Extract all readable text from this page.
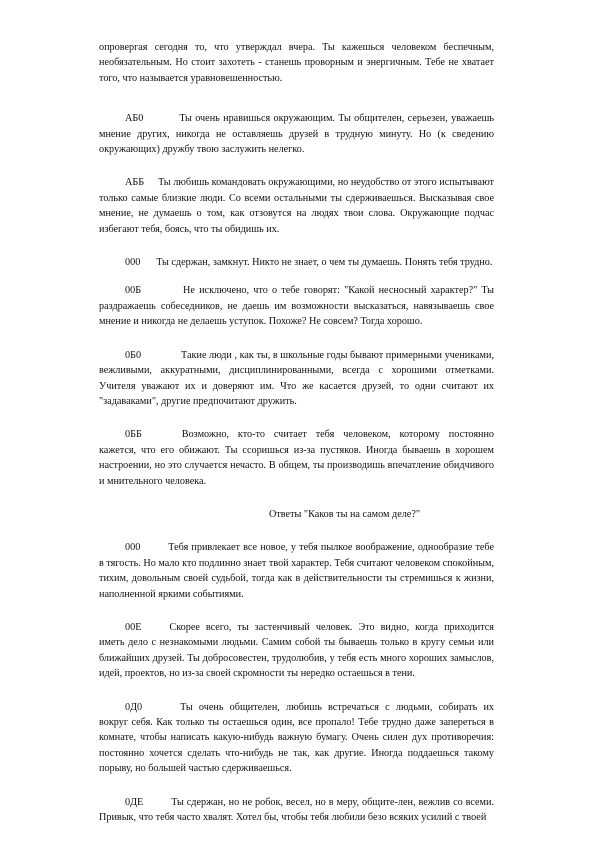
опровергая сегодня то, что утверждал вчера. Ты кажешься человеком беспечным, необязательным. Но стоит захотеть - станешь проворным и энергичным. Тебе не хватает того, что называется уравновешенностью.

АБ0	Ты очень нравишься окружающим. Ты общителен, серьезен, уважаешь мнение других, никогда не оставляешь друзей в трудную минуту. Но (к сведению окружающих) дружбу твою заслужить нелегко.

АББ Ты любишь командовать окружающими, но неудобство от этого испытывают только самые близкие люди. Со всеми остальными ты сдерживаешься. Высказывая свое мнение, не думаешь о том, как отзовутся на людях твои слова. Окружающие подчас избегают тебя, боясь, что ты обидишь их.

000 Ты сдержан, замкнут. Никто не знает, о чем ты думаешь. Понять тебя трудно.

00Б	Не исключено, что о тебе говорят: "Какой несносный характер?" Ты раздражаешь собеседников, не даешь им возможности высказаться, навязываешь свое мнение и никогда не делаешь уступок. Похоже? Не совсем? Тогда хорошо.

0Б0	Такие люди , как ты, в школьные годы бывают примерными учениками, вежливыми, аккуратными, дисциплинированными, всегда с хорошими отметками. Учителя уважают их и доверяют им. Что же касается друзей, то одни считают их "задаваками", другие предпочитают дружить.

0ББ	Возможно, кто-то считает тебя человеком, которому постоянно кажется, что его обижают. Ты ссоришься из-за пустяков. Иногда бываешь в хорошем настроении, но это случается нечасто. В общем, ты производишь впечатление обидчивого и мнительного человека.

Ответы "Каков ты на самом деле?"

000	Тебя привлекает все новое, у тебя пылкое воображение, однообразие тебе в тягость. Но мало кто подлинно знает твой характер. Тебя считают человеком спокойным, тихим, довольным своей судьбой, тогда как в действительности ты стремишься к жизни, наполненной яркими событиями.

00Е	Скорее всего, ты застенчивый человек. Это видно, когда приходится иметь дело с незнакомыми людьми. Самим собой ты бываешь только в кругу семьи или ближайших друзей. Ты добросовестен, трудолюбив, у тебя есть много хороших замыслов, идей, проектов, но из-за своей скромности ты нередко остаешься в тени.

0Д0	Ты очень общителен, любишь встречаться с людьми, собирать их вокруг себя. Как только ты остаешься один, все пропало! Тебе трудно даже запереться в комнате, чтобы написать какую-нибудь важную бумагу. Очень силен дух противоречия: постоянно хочется сделать что-нибудь не так, как другие. Иногда поддаешься такому порыву, но большей частью сдерживаешься.

0ДЕ	Ты сдержан, но не робок, весел, но в меру, общите-лен, вежлив со всеми. Привык, что тебя часто хвалят. Хотел бы, чтобы тебя любили безо всяких усилий с твоей
